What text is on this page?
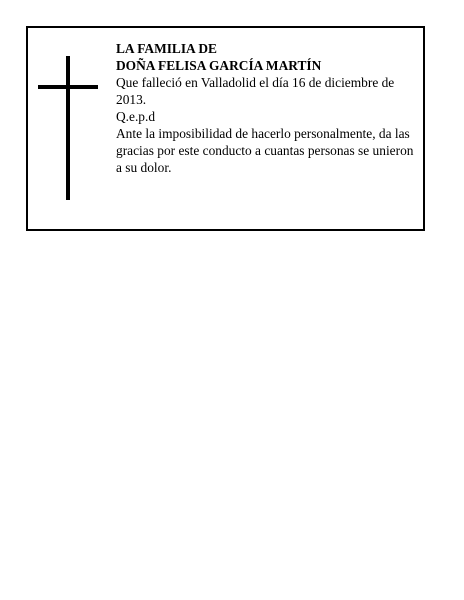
LA FAMILIA DE

DOÑA FELISA GARCÍA MARTÍN

Que falleció en Valladolid el día 16 de diciembre de 2013.

Q.e.p.d

Ante la imposibilidad de hacerlo personalmente, da las gracias por este conducto a cuantas personas se unieron a su dolor.
